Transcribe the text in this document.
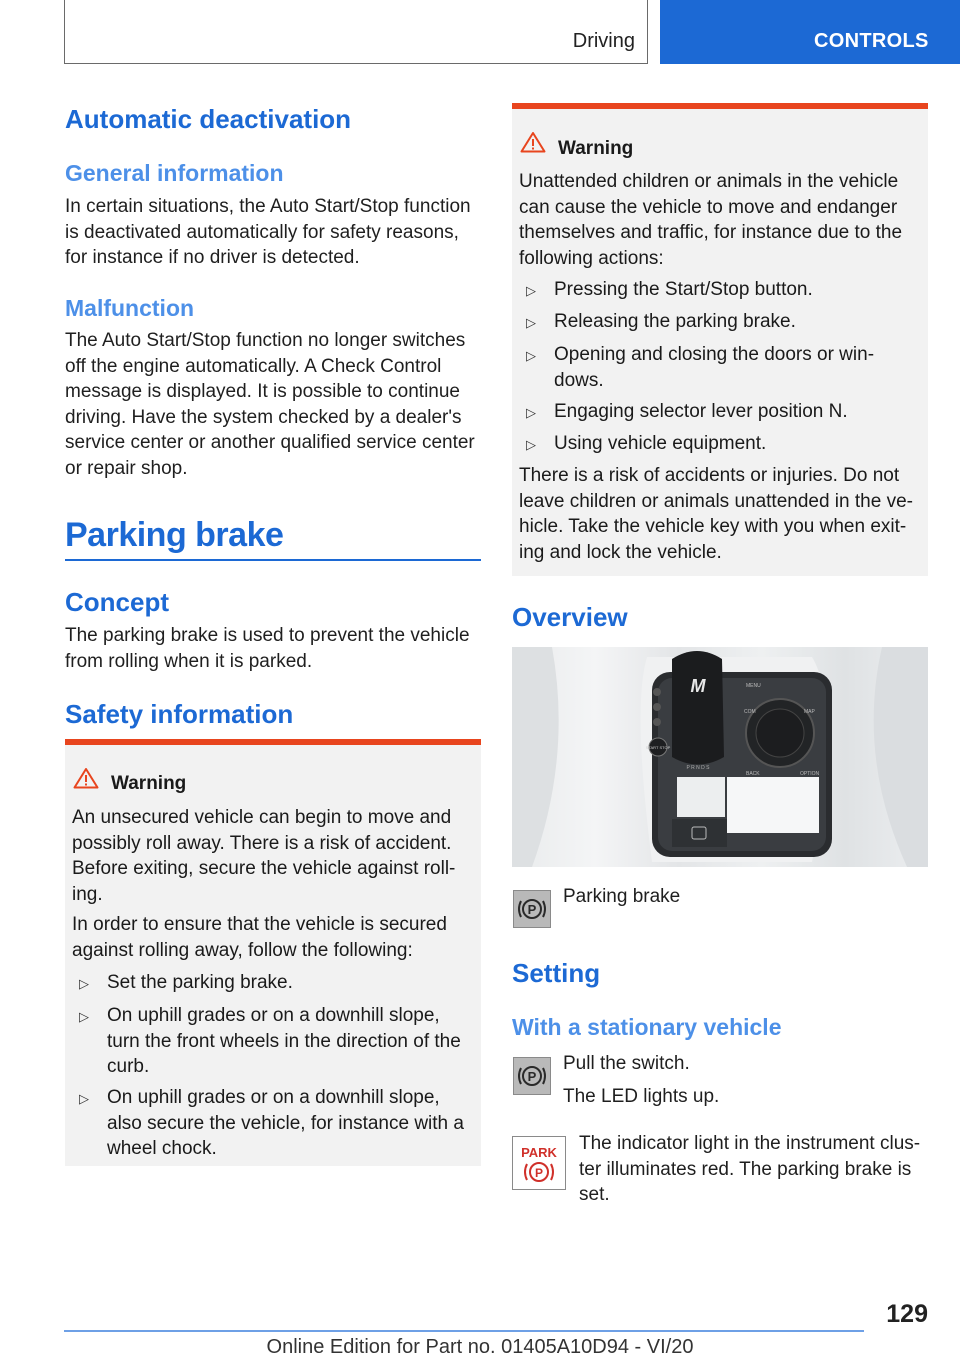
Driving	CONTROLS
Automatic deactivation
General information
In certain situations, the Auto Start/Stop function
is deactivated automatically for safety reasons,
for instance if no driver is detected.
Malfunction
The Auto Start/Stop function no longer switches
off the engine automatically. A Check Control
message is displayed. It is possible to continue
driving. Have the system checked by a dealer's
service center or another qualified service center
or repair shop.
Parking brake
Concept
The parking brake is used to prevent the vehicle
from rolling when it is parked.
Safety information
Warning
An unsecured vehicle can begin to move and
possibly roll away. There is a risk of accident.
Before exiting, secure the vehicle against roll-
ing.
In order to ensure that the vehicle is secured
against rolling away, follow the following:
▷ Set the parking brake.
▷ On uphill grades or on a downhill slope,
turn the front wheels in the direction of the
curb.
▷ On uphill grades or on a downhill slope,
also secure the vehicle, for instance with a
wheel chock.
Warning
Unattended children or animals in the vehicle
can cause the vehicle to move and endanger
themselves and traffic, for instance due to the
following actions:
▷ Pressing the Start/Stop button.
▷ Releasing the parking brake.
▷ Opening and closing the doors or win-
dows.
▷ Engaging selector lever position N.
▷ Using vehicle equipment.
There is a risk of accidents or injuries. Do not
leave children or animals unattended in the ve-
hicle. Take the vehicle key with you when exit-
ing and lock the vehicle.
Overview
M
START STOP
P R N D S
MENU
COM	MAP
BACK	OPTION
P
Parking brake
Setting
With a stationary vehicle
P
Pull the switch.
The LED lights up.
PARK
P
The indicator light in the instrument clus-
ter illuminates red. The parking brake is
set.
129
Online Edition for Part no. 01405A10D94 - VI/20
